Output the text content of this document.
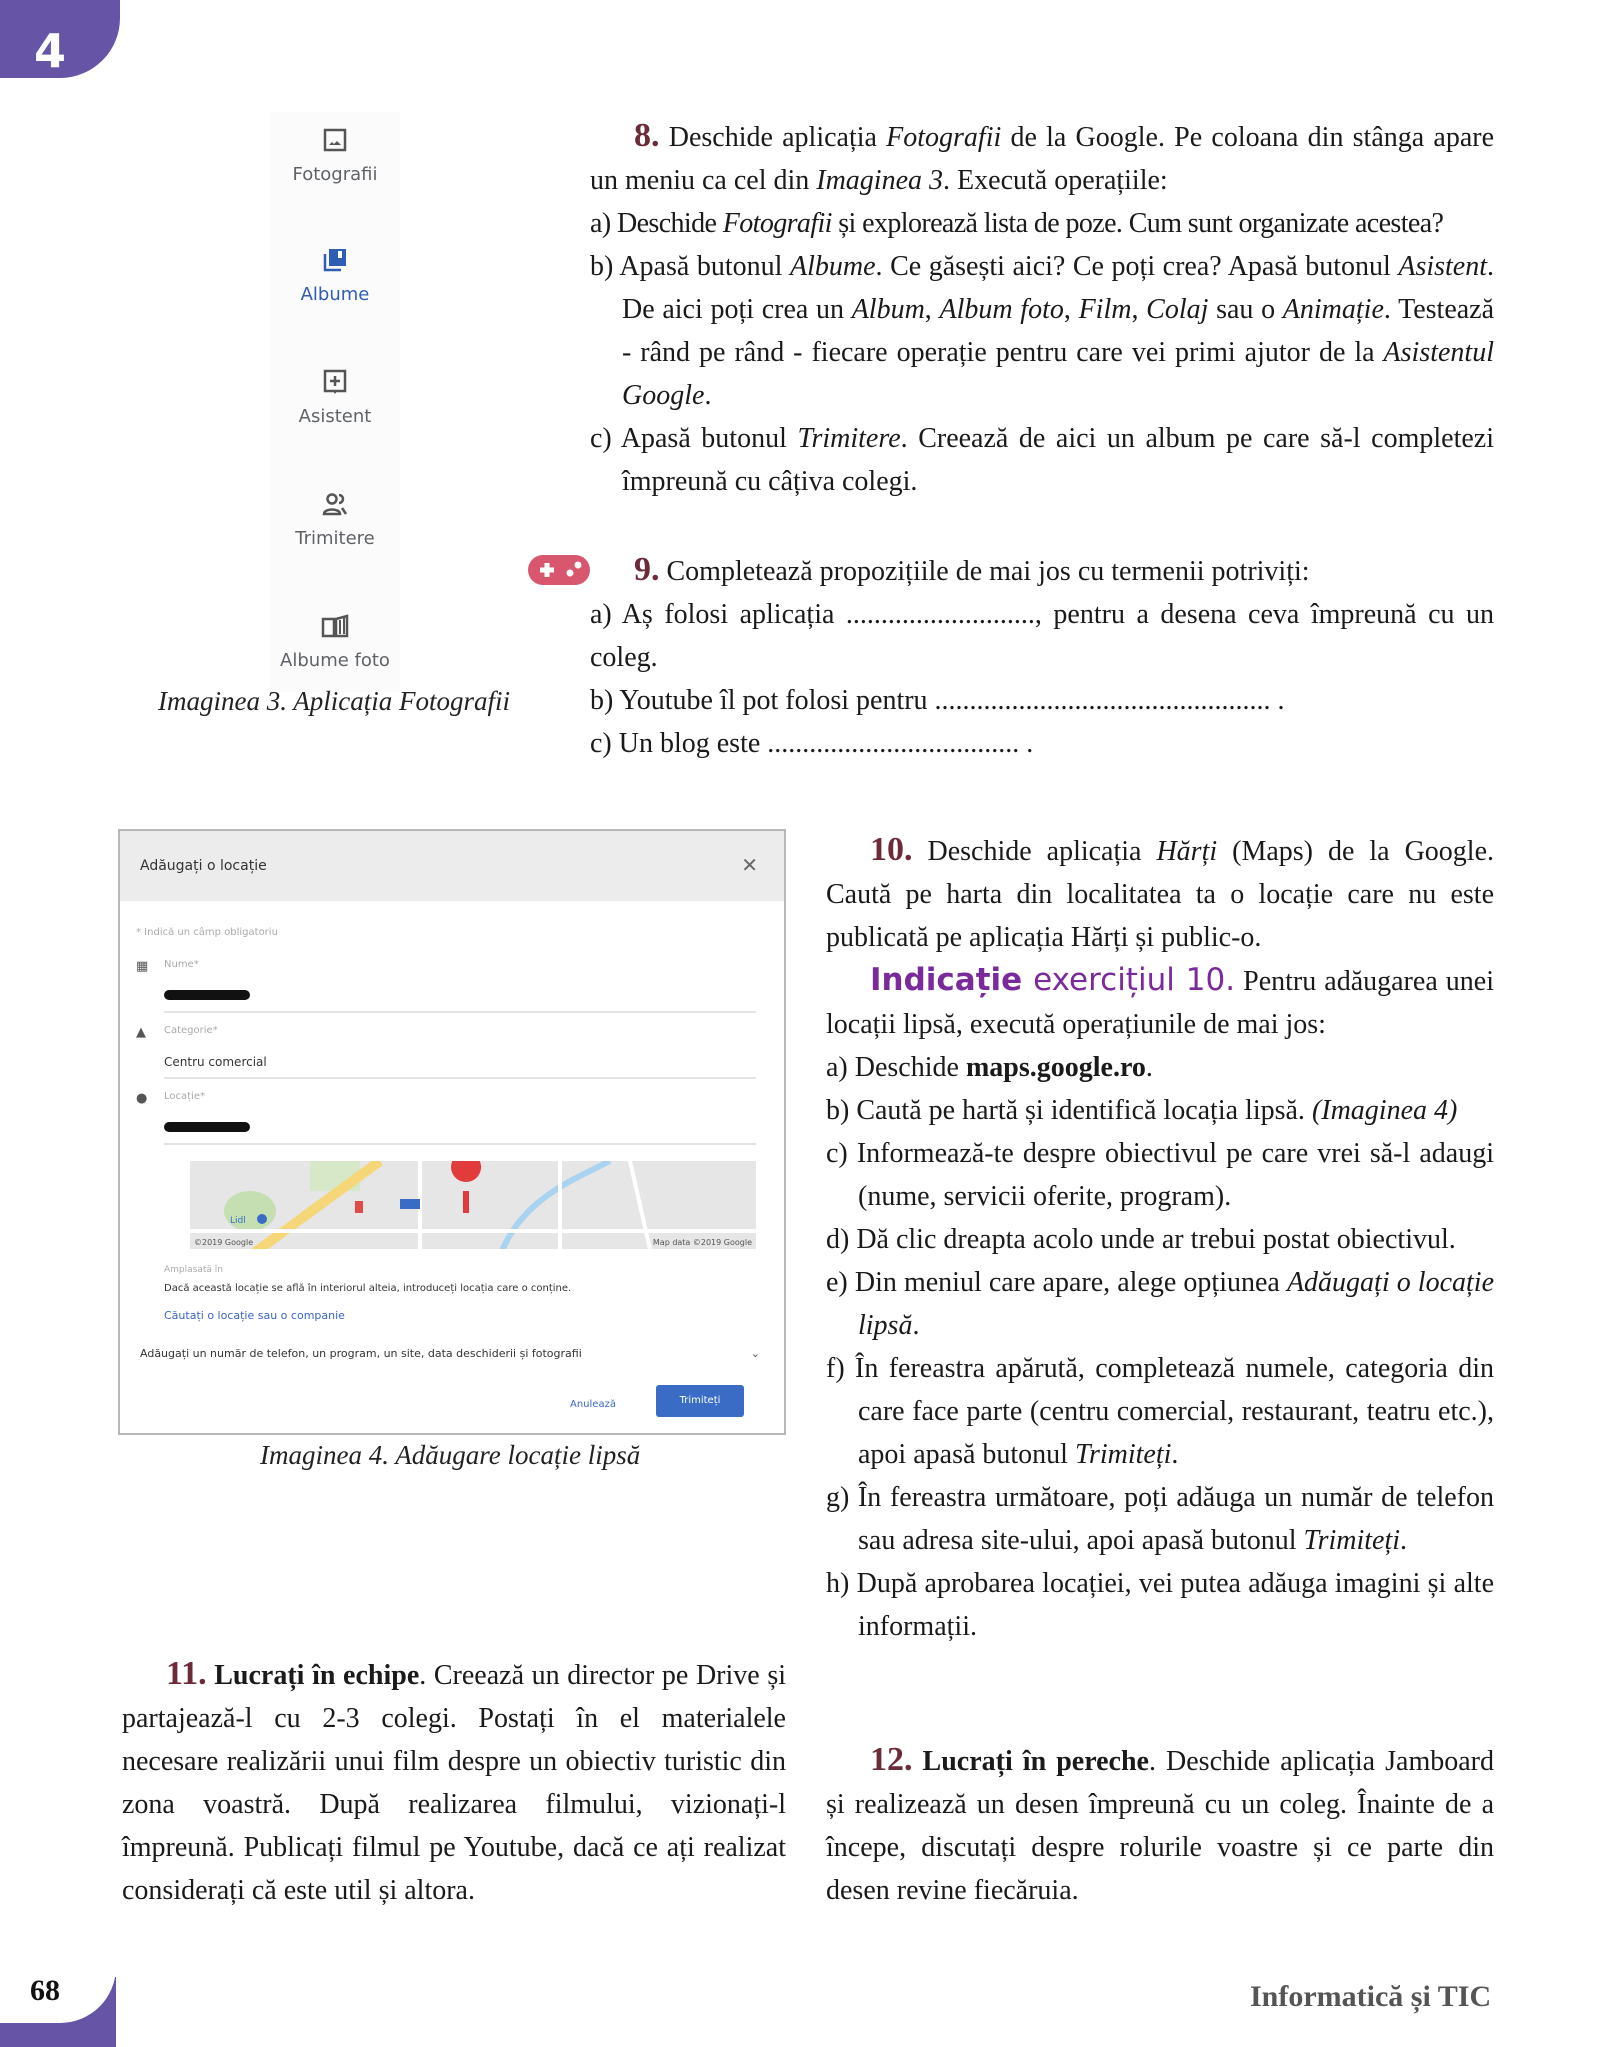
4
Fotografii
Albume
Asistent
Trimitere
Albume foto
Imaginea 3. Aplicația Fotografii
8. Deschide aplicația Fotografii de la Google. Pe coloana din stânga apare un meniu ca cel din Imaginea 3. Execută operațiile:
a) Deschide Fotografii și explorează lista de poze. Cum sunt organizate acestea?
b) Apasă butonul Albume. Ce găsești aici? Ce poți crea? Apasă butonul Asistent. De aici poți crea un Album, Album foto, Film, Colaj sau o Animație. Testează - rând pe rând - fiecare operație pentru care vei primi ajutor de la Asistentul Google.
c) Apasă butonul Trimitere. Creează de aici un album pe care să-l completezi împreună cu câțiva colegi.
9. Completează propozițiile de mai jos cu termenii potriviți:
a) Aș folosi aplicația ..........................., pentru a desena ceva împreună cu un coleg.
b) Youtube îl pot folosi pentru ................................................ .
c) Un blog este .................................... .
Adăugați o locație	✕
* Indică un câmp obligatoriu
▦ Nume*
▲	Categorie*
Centru comercial
● Locație*
Lidl
©2019 Google	Map data ©2019 Google
Amplasată în
Dacă această locație se află în interiorul alteia, introduceți locația care o conține.
Căutați o locație sau o companie
Adăugați un număr de telefon, un program, un site, data deschiderii și fotografii	⌄
Anulează	Trimiteți
Imaginea 4. Adăugare locație lipsă
10. Deschide aplicația Hărți (Maps) de la Google. Caută pe harta din localitatea ta o locație care nu este publicată pe aplicația Hărți și public-o.
Indicație exercițiul 10. Pentru adăugarea unei locații lipsă, execută operațiunile de mai jos:
a) Deschide maps.google.ro.
b) Caută pe hartă și identifică locația lipsă. (Imaginea 4)
c) Informează-te despre obiectivul pe care vrei să-l adaugi (nume, servicii oferite, program).
d) Dă clic dreapta acolo unde ar trebui postat obiectivul.
e) Din meniul care apare, alege opțiunea Adăugați o locație lipsă.
f) În fereastra apărută, completează numele, categoria din care face parte (centru comercial, restaurant, teatru etc.), apoi apasă butonul Trimiteți.
g) În fereastra următoare, poți adăuga un număr de telefon sau adresa site-ului, apoi apasă butonul Trimiteți.
h) După aprobarea locației, vei putea adăuga imagini și alte informații.
11. Lucrați în echipe. Creează un director pe Drive și partajează-l cu 2-3 colegi. Postați în el materialele necesare realizării unui film despre un obiectiv turistic din zona voastră. După realizarea filmului, vizionați-l împreună. Publicați filmul pe Youtube, dacă ce ați realizat considerați că este util și altora.
12. Lucrați în pereche. Deschide aplicația Jamboard și realizează un desen împreună cu un coleg. Înainte de a începe, discutați despre rolurile voastre și ce parte din desen revine fiecăruia.
68	Informatică și TIC
